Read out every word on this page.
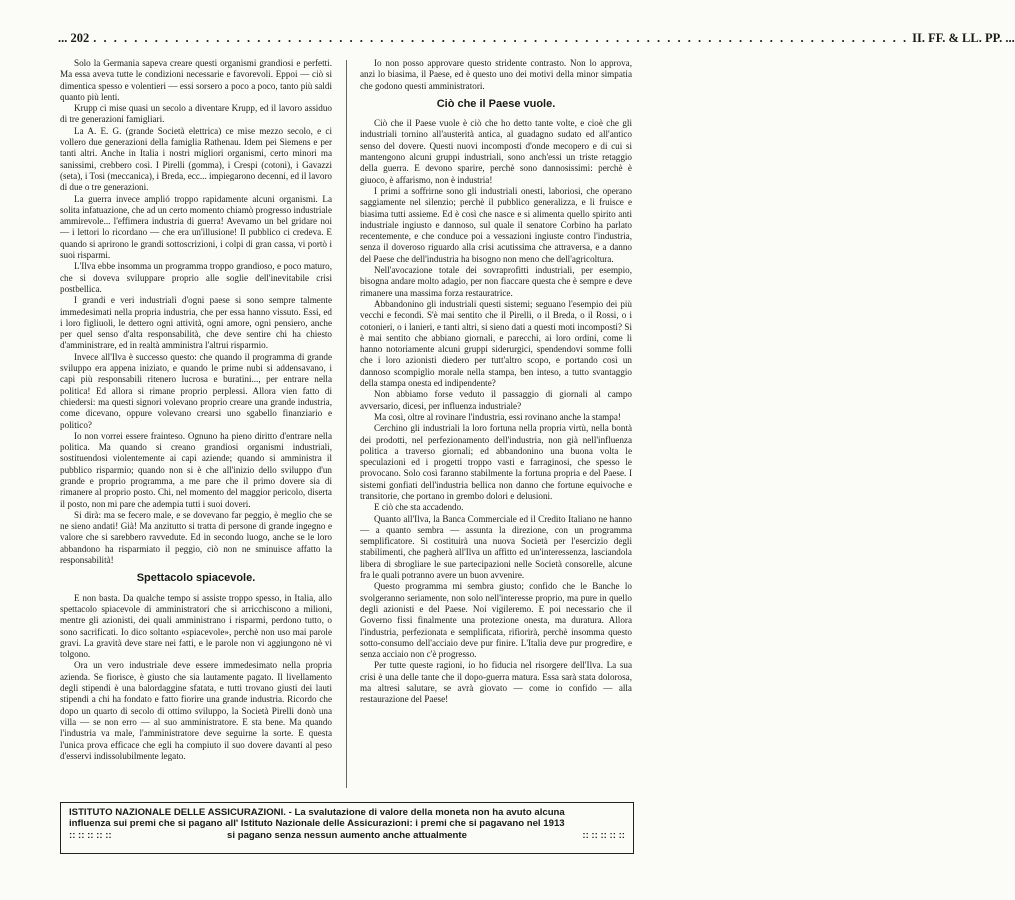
... 202 . . . . . . . . . . . . . . . . . . . . . . . . . . . . . . . . . . . . . . . . . . . . . . . . . . . . . . . . . . . . . . . . . . . . . . . . . . . . . . . . II. FF. & LL. PP. ...

Solo la Germania sapeva creare questi organismi grandiosi e perfetti. Ma essa aveva tutte le condizioni necessarie e favorevoli. Eppoi — ciò si dimentica spesso e volentieri — essi sorsero a poco a poco, tanto più saldi quanto più lenti.

Krupp ci mise quasi un secolo a diventare Krupp, ed il lavoro assiduo di tre generazioni famigliari.

La A. E. G. (grande Società elettrica) ce mise mezzo secolo, e ci vollero due generazioni della famiglia Rathenau. Idem pei Siemens e per tanti altri. Anche in Italia i nostri migliori organismi, certo minori ma sanissimi, crebbero così. I Pirelli (gomma), i Crespi (cotoni), i Gavazzi (seta), i Tosi (meccanica), i Breda, ecc... impiegarono decenni, ed il lavoro di due o tre generazioni.

La guerra invece amplió troppo rapidamente alcuni organismi. La solita infatuazione, che ad un certo momento chiamò progresso industriale ammirevole... l'effimera industria di guerra! Avevamo un bel gridare noi — i lettori lo ricordano — che era un'illusione! Il pubblico ci credeva. E quando si aprirono le grandi sottoscrizioni, i colpi di gran cassa, vi portò i suoi risparmi.

L'Ilva ebbe insomma un programma troppo grandioso, e poco maturo, che si doveva sviluppare proprio alle soglie dell'inevitabile crisi postbellica.

I grandi e veri industriali d'ogni paese si sono sempre talmente immedesimati nella propria industria, che per essa hanno vissuto. Essi, ed i loro figliuoli, le dettero ogni attività, ogni amore, ogni pensiero, anche per quel senso d'alta responsabilità, che deve sentire chi ha chiesto d'amministrare, ed in realtà amministra l'altrui risparmio.

Invece all'Ilva è successo questo: che quando il programma di grande sviluppo era appena iniziato, e quando le prime nubi si addensavano, i capi più responsabili ritenero lucrosa e buratini..., per entrare nella politica! Ed allora si rimane proprio perplessi. Allora vien fatto di chiedersi: ma questi signori volevano proprio creare una grande industria, come dicevano, oppure volevano crearsi uno sgabello finanziario e politico?

Io non vorrei essere frainteso. Ognuno ha pieno diritto d'entrare nella politica. Ma quando si creano grandiosi organismi industriali, sostituendosi violentemente ai capi aziende; quando si amministra il pubblico risparmio; quando non si è che all'inizio dello sviluppo d'un grande e proprio programma, a me pare che il primo dovere sia di rimanere al proprio posto. Chi, nel momento del maggior pericolo, diserta il posto, non mi pare che adempia tutti i suoi doveri.

Si dirà: ma se fecero male, e se dovevano far peggio, è meglio che se ne sieno andati! Già! Ma anzitutto si tratta di persone di grande ingegno e valore che si sarebbero ravvedute. Ed in secondo luogo, anche se le loro abbandono ha risparmiato il peggio, ciò non ne sminuisce affatto la responsabilità!

Spettacolo spiacevole.

E non basta. Da qualche tempo si assiste troppo spesso, in Italia, allo spettacolo spiacevole di amministratori che si arricchiscono a milioni, mentre gli azionisti, dei quali amministrano i risparmi, perdono tutto, o sono sacrificati. Io dico soltanto «spiacevole», perchè non uso mai parole gravi. La gravità deve stare nei fatti, e le parole non vi aggiungono nè vi tolgono.

Ora un vero industriale deve essere immedesimato nella propria azienda. Se fiorisce, è giusto che sia lautamente pagato. Il livellamento degli stipendi è una balordaggine sfatata, e tutti trovano giusti dei lauti stipendi a chi ha fondato e fatto fiorire una grande industria. Ricordo che dopo un quarto di secolo di ottimo sviluppo, la Società Pirelli donò una villa — se non erro — al suo amministratore. E sta bene. Ma quando l'industria va male, l'amministratore deve seguirne la sorte. E questa l'unica prova efficace che egli ha compiuto il suo dovere davanti al peso d'esservi indissolubilmente legato.

Io non posso approvare questo stridente contrasto. Non lo approva, anzi lo biasima, il Paese, ed è questo uno dei motivi della minor simpatia che godono questi amministratori.

Ciò che il Paese vuole.

Ciò che il Paese vuole è ciò che ho detto tante volte, e cioè che gli industriali tornino all'austerità antica, al guadagno sudato ed all'antico senso del dovere. Questi nuovi incomposti d'onde mecopero e di cui si mantengono alcuni gruppi industriali, sono anch'essi un triste retaggio della guerra. E devono sparire, perchè sono dannosissimi: perchè è giuoco, è affarismo, non è industria!

I primi a soffrirne sono gli industriali onesti, laboriosi, che operano saggiamente nel silenzio; perchè il pubblico generalizza, e li fruisce e biasima tutti assieme. Ed è così che nasce e si alimenta quello spirito anti industriale ingiusto e dannoso, sul quale il senatore Corbino ha parlato recentemente, e che conduce poi a vessazioni ingiuste contro l'industria, senza il doveroso riguardo alla crisi acutissima che attraversa, e a danno del Paese che dell'industria ha bisogno non meno che dell'agricoltura.

Nell'avocazione totale dei sovraprofitti industriali, per esempio, bisogna andare molto adagio, per non fiaccare questa che è sempre e deve rimanere una massima forza restauratrice.

Abbandonino gli industriali questi sistemi; seguano l'esempio dei più vecchi e fecondi. S'è mai sentito che il Pirelli, o il Breda, o il Rossi, o i cotonieri, o i lanieri, e tanti altri, si sieno dati a questi moti incomposti? Si è mai sentito che abbiano giornali, e parecchi, ai loro ordini, come li hanno notoriamente alcuni gruppi siderurgici, spendendovi somme folli che i loro azionisti diedero per tutt'altro scopo, e portando così un dannoso scompiglio morale nella stampa, ben inteso, a tutto svantaggio della stampa onesta ed indipendente?

Non abbiamo forse veduto il passaggio di giornali al campo avversario, dicesi, per influenza industriale?

Ma così, oltre al rovinare l'industria, essi rovinano anche la stampa!

Cerchino gli industriali la loro fortuna nella propria virtù, nella bontà dei prodotti, nel perfezionamento dell'industria, non già nell'influenza politica a traverso giornali; ed abbandonino una buona volta le speculazioni ed i progetti troppo vasti e farraginosi, che spesso le provocano. Solo così faranno stabilmente la fortuna propria e del Paese. I sistemi gonfiati dell'industria bellica non danno che fortune equivoche e transitorie, che portano in grembo dolori e delusioni.

E ciò che sta accadendo.

Quanto all'Ilva, la Banca Commerciale ed il Credito Italiano ne hanno — a quanto sembra — assunta la direzione, con un programma semplificatore. Si costituirà una nuova Società per l'esercizio degli stabilimenti, che pagherà all'Ilva un affitto ed un'interessenza, lasciandola libera di sbrogliare le sue partecipazioni nelle Società consorelle, alcune fra le quali potranno avere un buon avvenire.

Questo programma mi sembra giusto; confido che le Banche lo svolgeranno seriamente, non solo nell'interesse proprio, ma pure in quello degli azionisti e del Paese. Noi vigileremo. E poi necessario che il Governo fissi finalmente una protezione onesta, ma duratura. Allora l'industria, perfezionata e semplificata, rifiorirà, perchè insomma questo sotto-consumo dell'acciaio deve pur finire. L'Italia deve pur progredire, e senza acciaio non c'è progresso.

Per tutte queste ragioni, io ho fiducia nel risorgere dell'Ilva. La sua crisi è una delle tante che il dopo-guerra matura. Essa sarà stata dolorosa, ma altresì salutare, se avrà giovato — come io confido — alla restaurazione del Paese!

ISTITUTO NAZIONALE DELLE ASSICURAZIONI. - La svalutazione di valore della moneta non ha avuto alcuna
influenza sui premi che si pagano all' Istituto Nazionale delle Assicurazioni: i premi che si pagavano nel 1913
:: :: :: :: ::	si pagano senza nessun aumento anche attualmente	:: :: :: :: ::
